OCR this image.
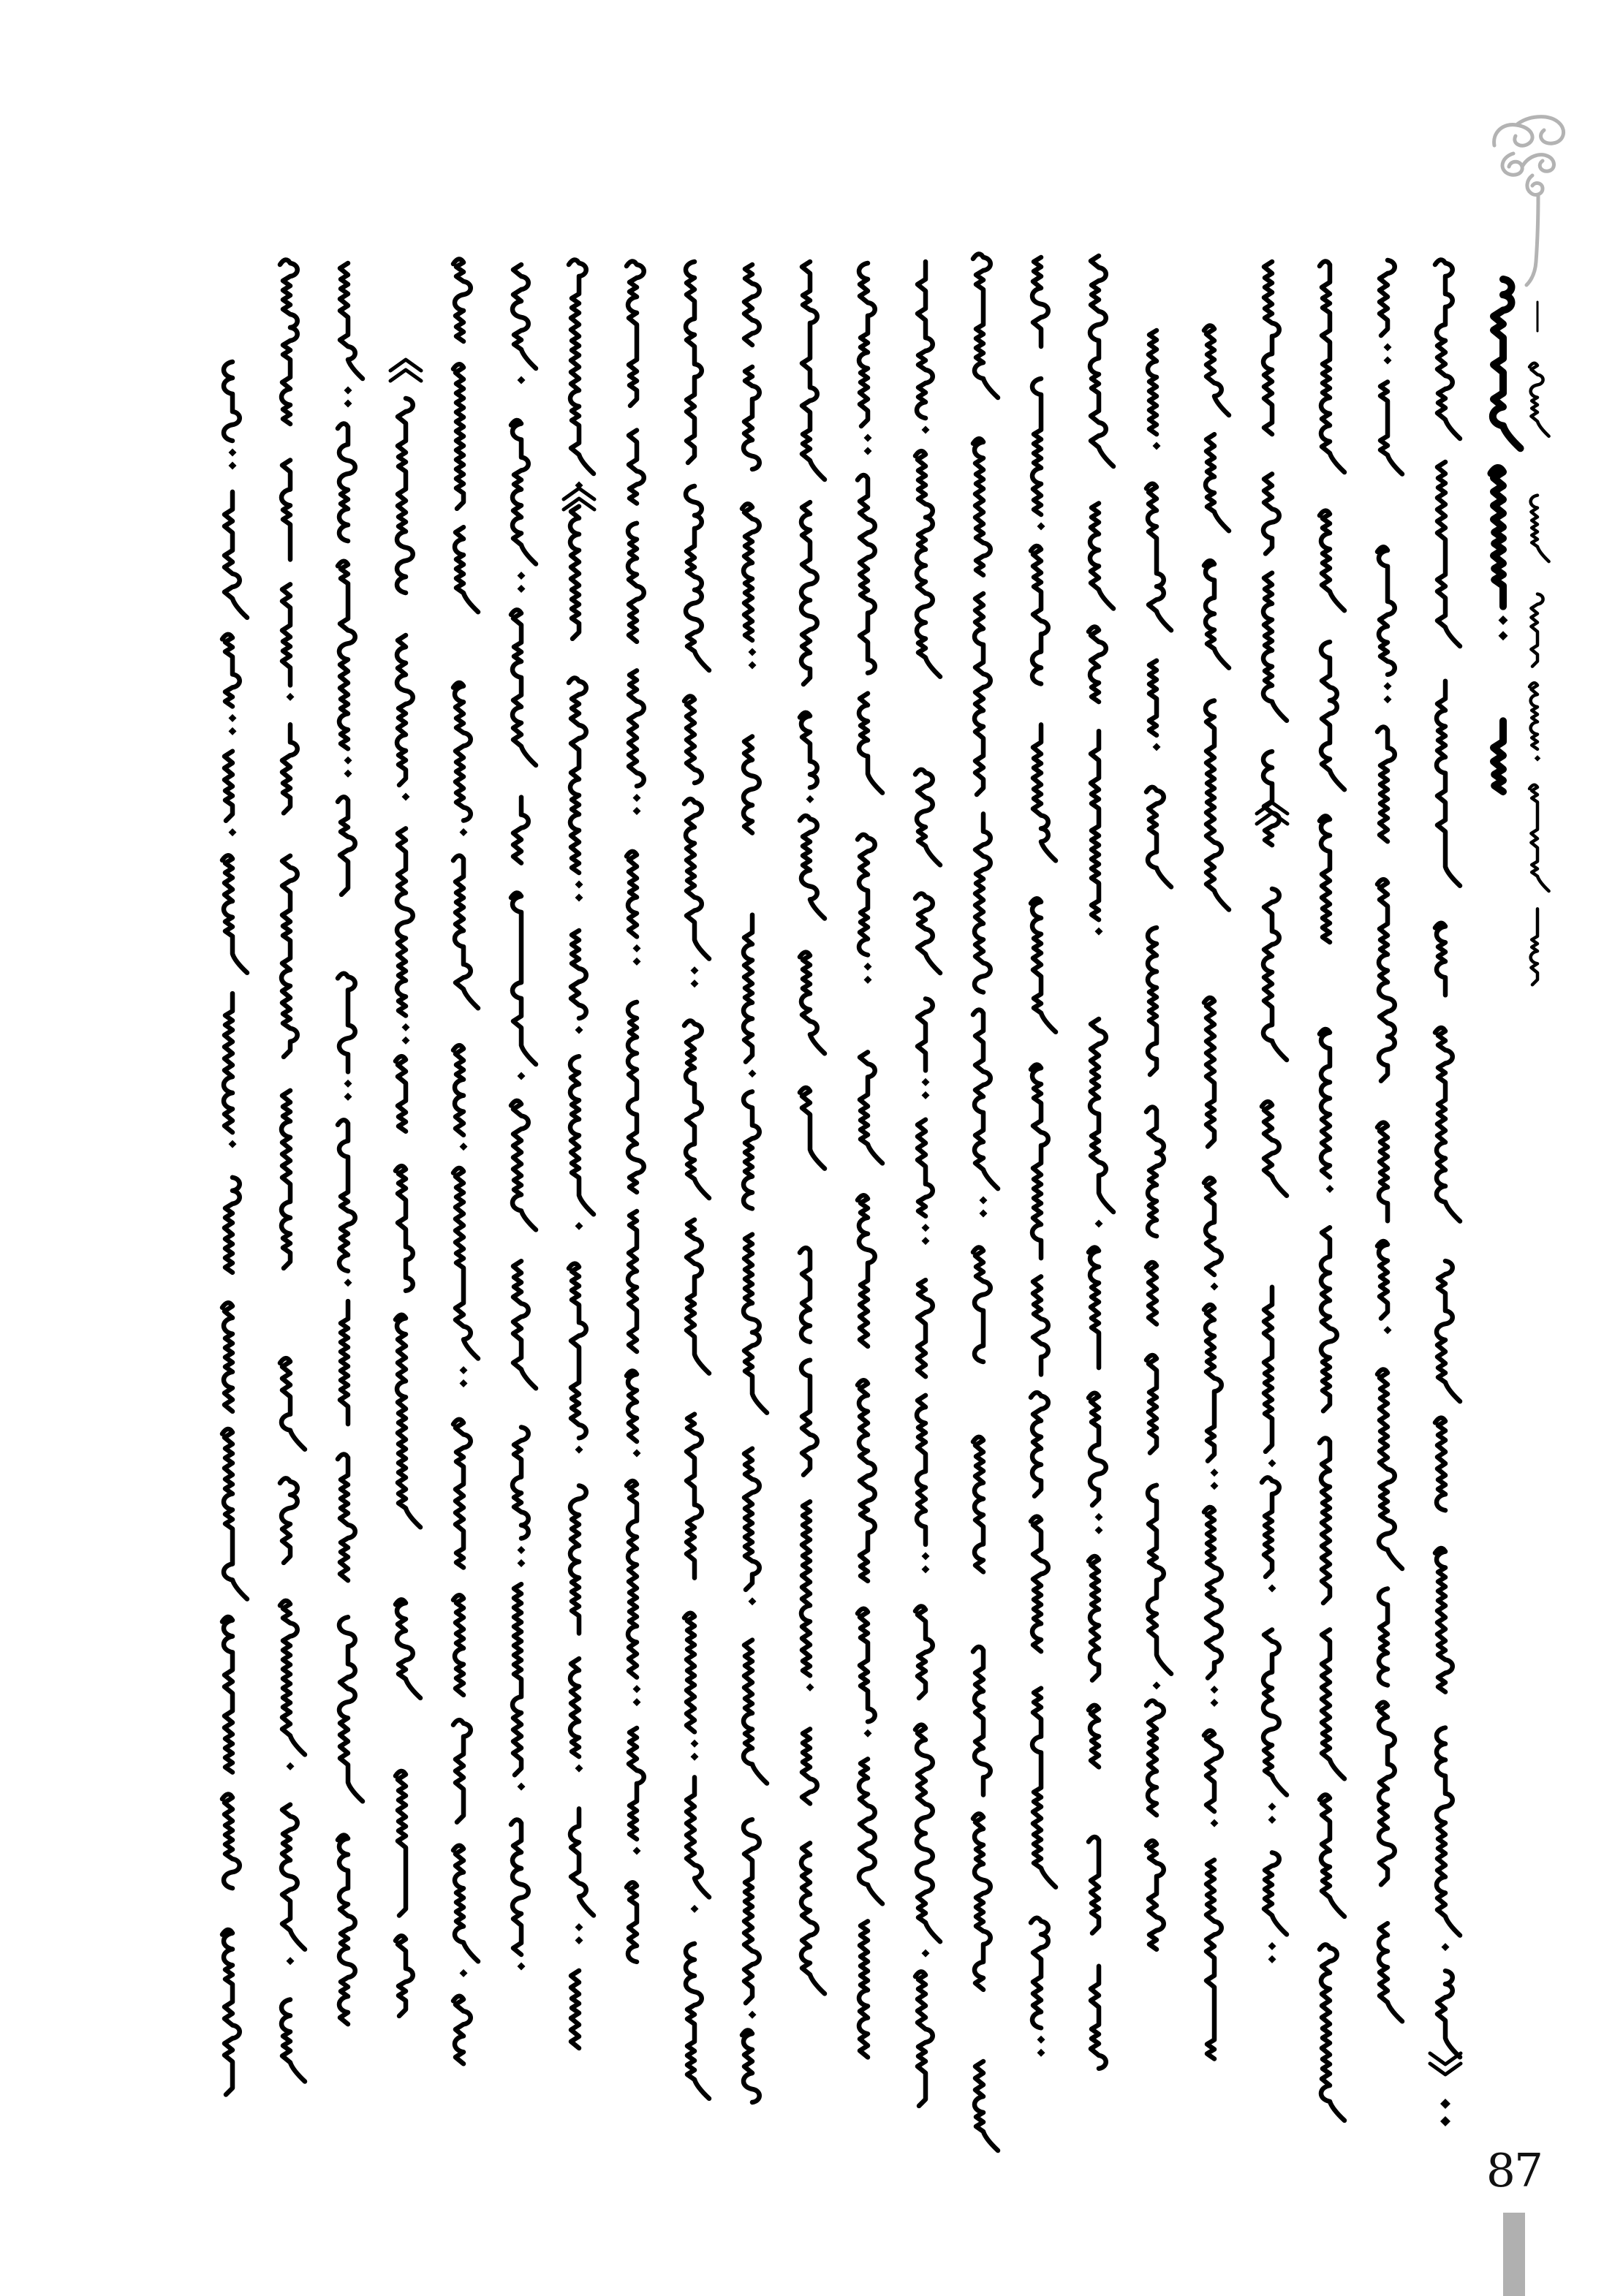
87
